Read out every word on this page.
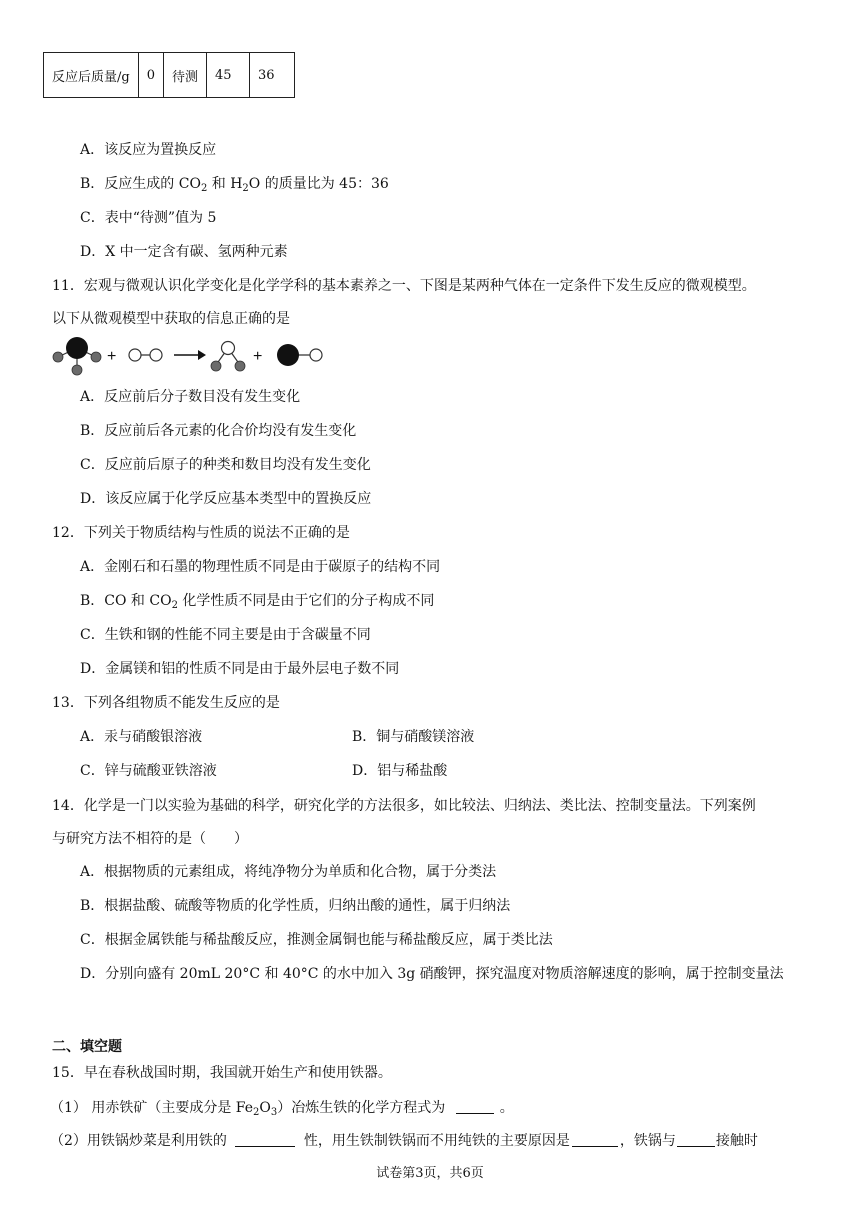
反应后质量/g	0	待测	45	36
A．该反应为置换反应
B．反应生成的 $CO_2$ 和 $H_2O$ 的质量比为 45：36
C．表中“待测”值为 5
D．X 中一定含有碳、氢两种元素
11．宏观与微观认识化学变化是化学学科的基本素养之一、下图是某两种气体在一定条件下发生反应的微观模型。
以下从微观模型中获取的信息正确的是
+	+
A．反应前后分子数目没有发生变化
B．反应前后各元素的化合价均没有发生变化
C．反应前后原子的种类和数目均没有发生变化
D．该反应属于化学反应基本类型中的置换反应
12．下列关于物质结构与性质的说法不正确的是
A．金刚石和石墨的物理性质不同是由于碳原子的结构不同
B．CO 和 $CO_2$ 化学性质不同是由于它们的分子构成不同
C．生铁和钢的性能不同主要是由于含碳量不同
D．金属镁和铝的性质不同是由于最外层电子数不同
13．下列各组物质不能发生反应的是
A．汞与硝酸银溶液	B．铜与硝酸镁溶液
C．锌与硫酸亚铁溶液	D．铝与稀盐酸
14．化学是一门以实验为基础的科学，研究化学的方法很多，如比较法、归纳法、类比法、控制变量法。下列案例
与研究方法不相符的是（　　）
A．根据物质的元素组成，将纯净物分为单质和化合物，属于分类法
B．根据盐酸、硫酸等物质的化学性质，归纳出酸的通性，属于归纳法
C．根据金属铁能与稀盐酸反应，推测金属铜也能与稀盐酸反应，属于类比法
D．分别向盛有 20mL 20°C 和 40°C 的水中加入 3g 硝酸钾，探究温度对物质溶解速度的影响，属于控制变量法
二、填空题
15．早在春秋战国时期，我国就开始生产和使用铁器。
（1） 用赤铁矿（主要成分是 $Fe_2O_3$）冶炼生铁的化学方程式为	。
（2）用铁锅炒菜是利用铁的	性，用生铁制铁锅而不用纯铁的主要原因是	，铁锅与	接触时
试卷第3页，共6页
